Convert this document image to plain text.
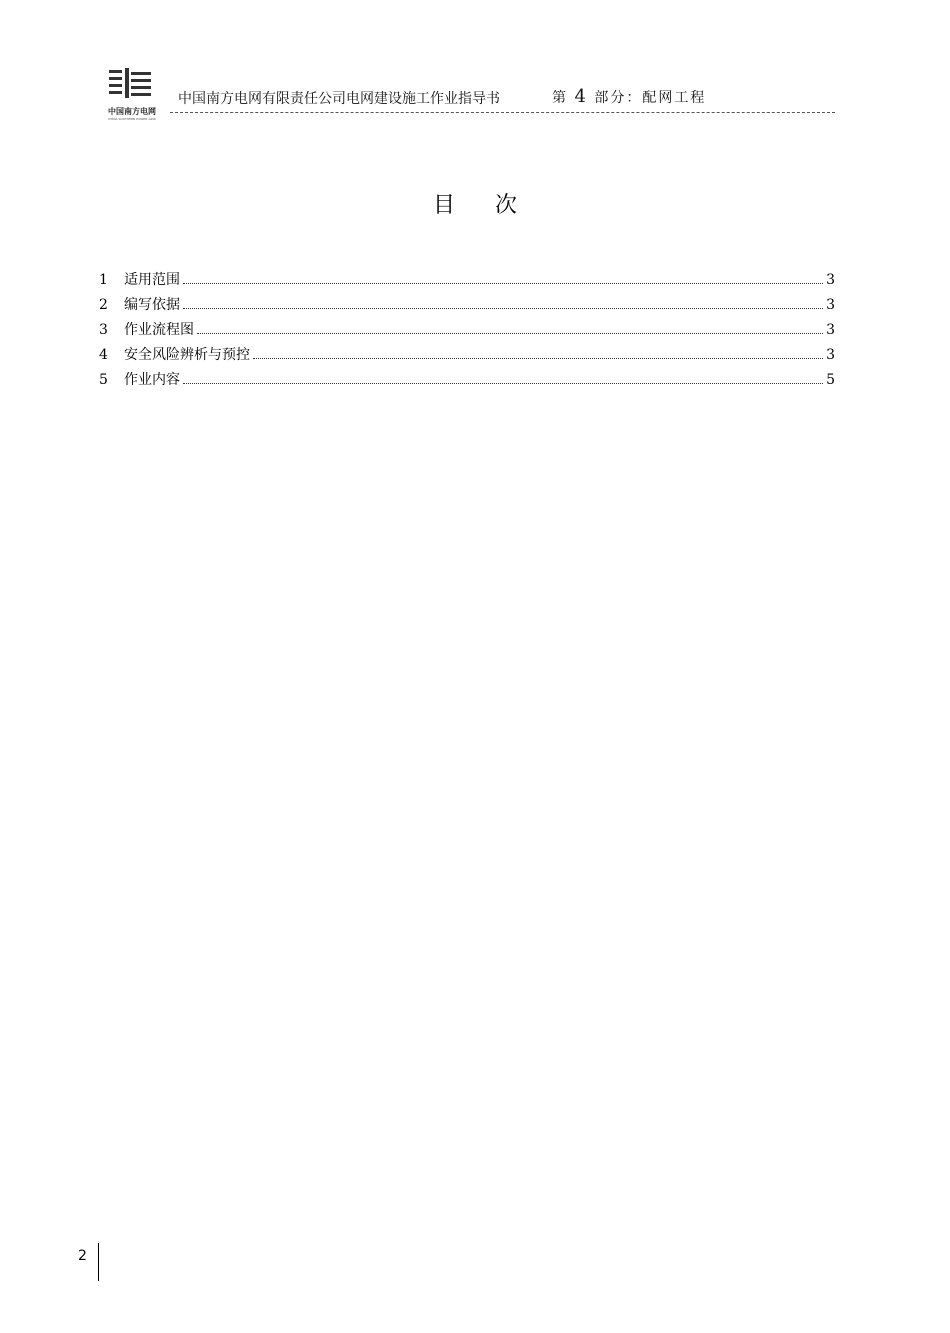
中国南方电网
CHINA SOUTHERN POWER GRID
中国南方电网有限责任公司电网建设施工作业指导书	第 4 部分：配网工程
目次
1	适用范围	3
2	编写依据	3
3	作业流程图	3
4	安全风险辨析与预控	3
5	作业内容	5
2
